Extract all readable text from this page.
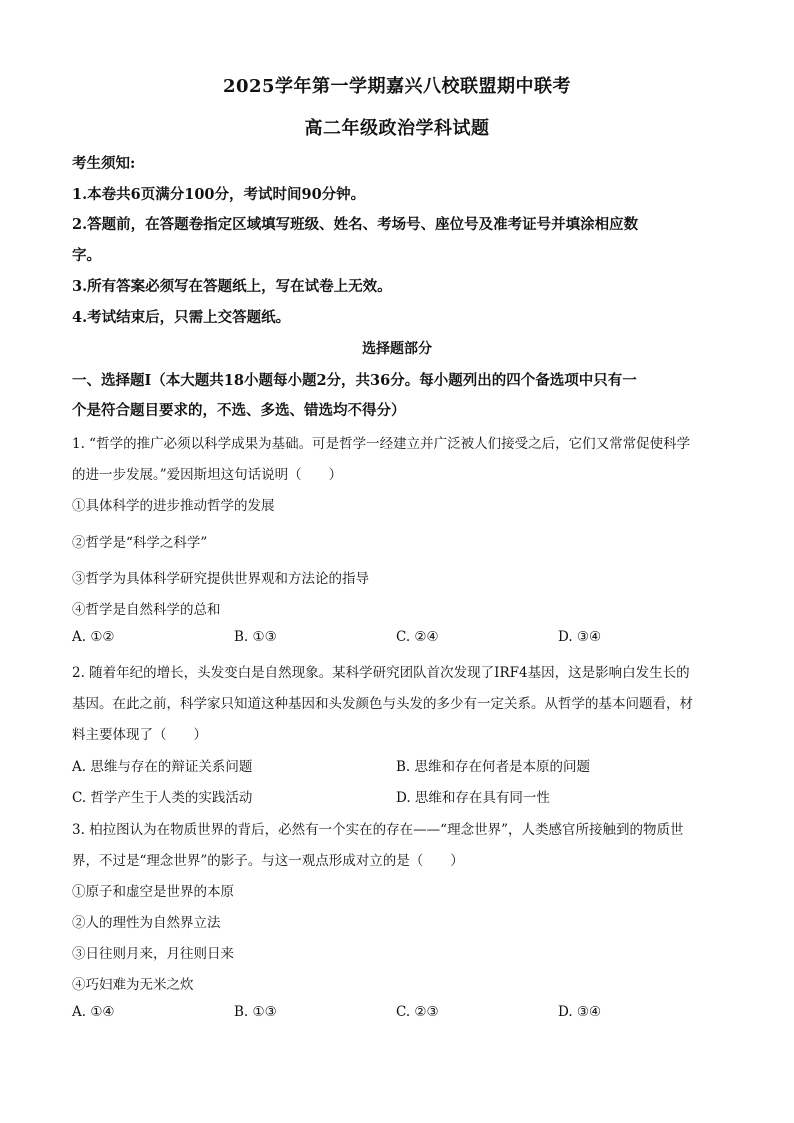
2025学年第一学期嘉兴八校联盟期中联考
高二年级政治学科试题
考生须知:
1.本卷共6页满分100分，考试时间90分钟。
2.答题前，在答题卷指定区域填写班级、姓名、考场号、座位号及准考证号并填涂相应数
字。
3.所有答案必须写在答题纸上，写在试卷上无效。
4.考试结束后，只需上交答题纸。
选择题部分
一、选择题Ⅰ（本大题共18小题每小题2分，共36分。每小题列出的四个备选项中只有一
个是符合题目要求的，不选、多选、错选均不得分）
1. “哲学的推广必须以科学成果为基础。可是哲学一经建立并广泛被人们接受之后，它们又常常促使科学
的进一步发展。”爱因斯坦这句话说明（　　）
①具体科学的进步推动哲学的发展
②哲学是“科学之科学”
③哲学为具体科学研究提供世界观和方法论的指导
④哲学是自然科学的总和
A. ①②	B. ①③	C. ②④	D. ③④
2. 随着年纪的增长，头发变白是自然现象。某科学研究团队首次发现了IRF4基因，这是影响白发生长的
基因。在此之前，科学家只知道这种基因和头发颜色与头发的多少有一定关系。从哲学的基本问题看，材
料主要体现了（　　）
A. 思维与存在的辩证关系问题	B. 思维和存在何者是本原的问题
C. 哲学产生于人类的实践活动	D. 思维和存在具有同一性
3. 柏拉图认为在物质世界的背后，必然有一个实在的存在——“理念世界”，人类感官所接触到的物质世
界，不过是“理念世界”的影子。与这一观点形成对立的是（　　）
①原子和虚空是世界的本原
②人的理性为自然界立法
③日往则月来，月往则日来
④巧妇难为无米之炊
A. ①④	B. ①③	C. ②③	D. ③④
